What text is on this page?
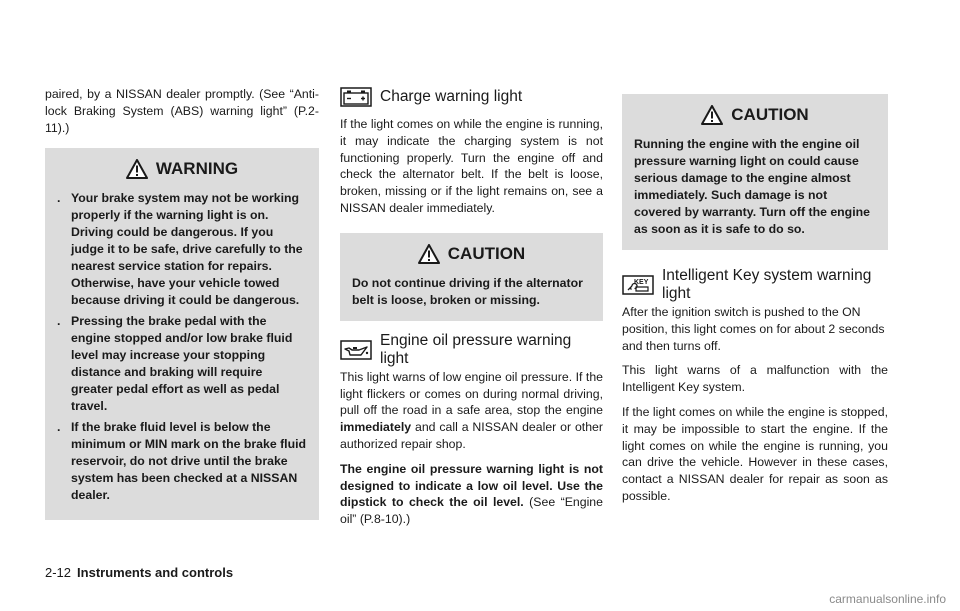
paired, by a NISSAN dealer promptly. (See “Anti-lock Braking System (ABS) warning light” (P.2-11).)

WARNING
. Your brake system may not be working properly if the warning light is on. Driving could be dangerous. If you judge it to be safe, drive carefully to the nearest service station for repairs. Otherwise, have your vehicle towed because driving it could be dangerous.
. Pressing the brake pedal with the engine stopped and/or low brake fluid level may increase your stopping distance and braking will require greater pedal effort as well as pedal travel.
. If the brake fluid level is below the minimum or MIN mark on the brake fluid reservoir, do not drive until the brake system has been checked at a NISSAN dealer.
Charge warning light

If the light comes on while the engine is running, it may indicate the charging system is not functioning properly. Turn the engine off and check the alternator belt. If the belt is loose, broken, missing or if the light remains on, see a NISSAN dealer immediately.

CAUTION
Do not continue driving if the alternator belt is loose, broken or missing.
Engine oil pressure warning light

This light warns of low engine oil pressure. If the light flickers or comes on during normal driving, pull off the road in a safe area, stop the engine immediately and call a NISSAN dealer or other authorized repair shop.

The engine oil pressure warning light is not designed to indicate a low oil level. Use the dipstick to check the oil level. (See “Engine oil” (P.8-10).)

CAUTION
Running the engine with the engine oil pressure warning light on could cause serious damage to the engine almost immediately. Such damage is not covered by warranty. Turn off the engine as soon as it is safe to do so.
KEY Intelligent Key system warning light

After the ignition switch is pushed to the ON position, this light comes on for about 2 seconds and then turns off.

This light warns of a malfunction with the Intelligent Key system.

If the light comes on while the engine is stopped, it may be impossible to start the engine. If the light comes on while the engine is running, you can drive the vehicle. However in these cases, contact a NISSAN dealer for repair as soon as possible.

2-12 Instruments and controls
carmanualsonline.info
